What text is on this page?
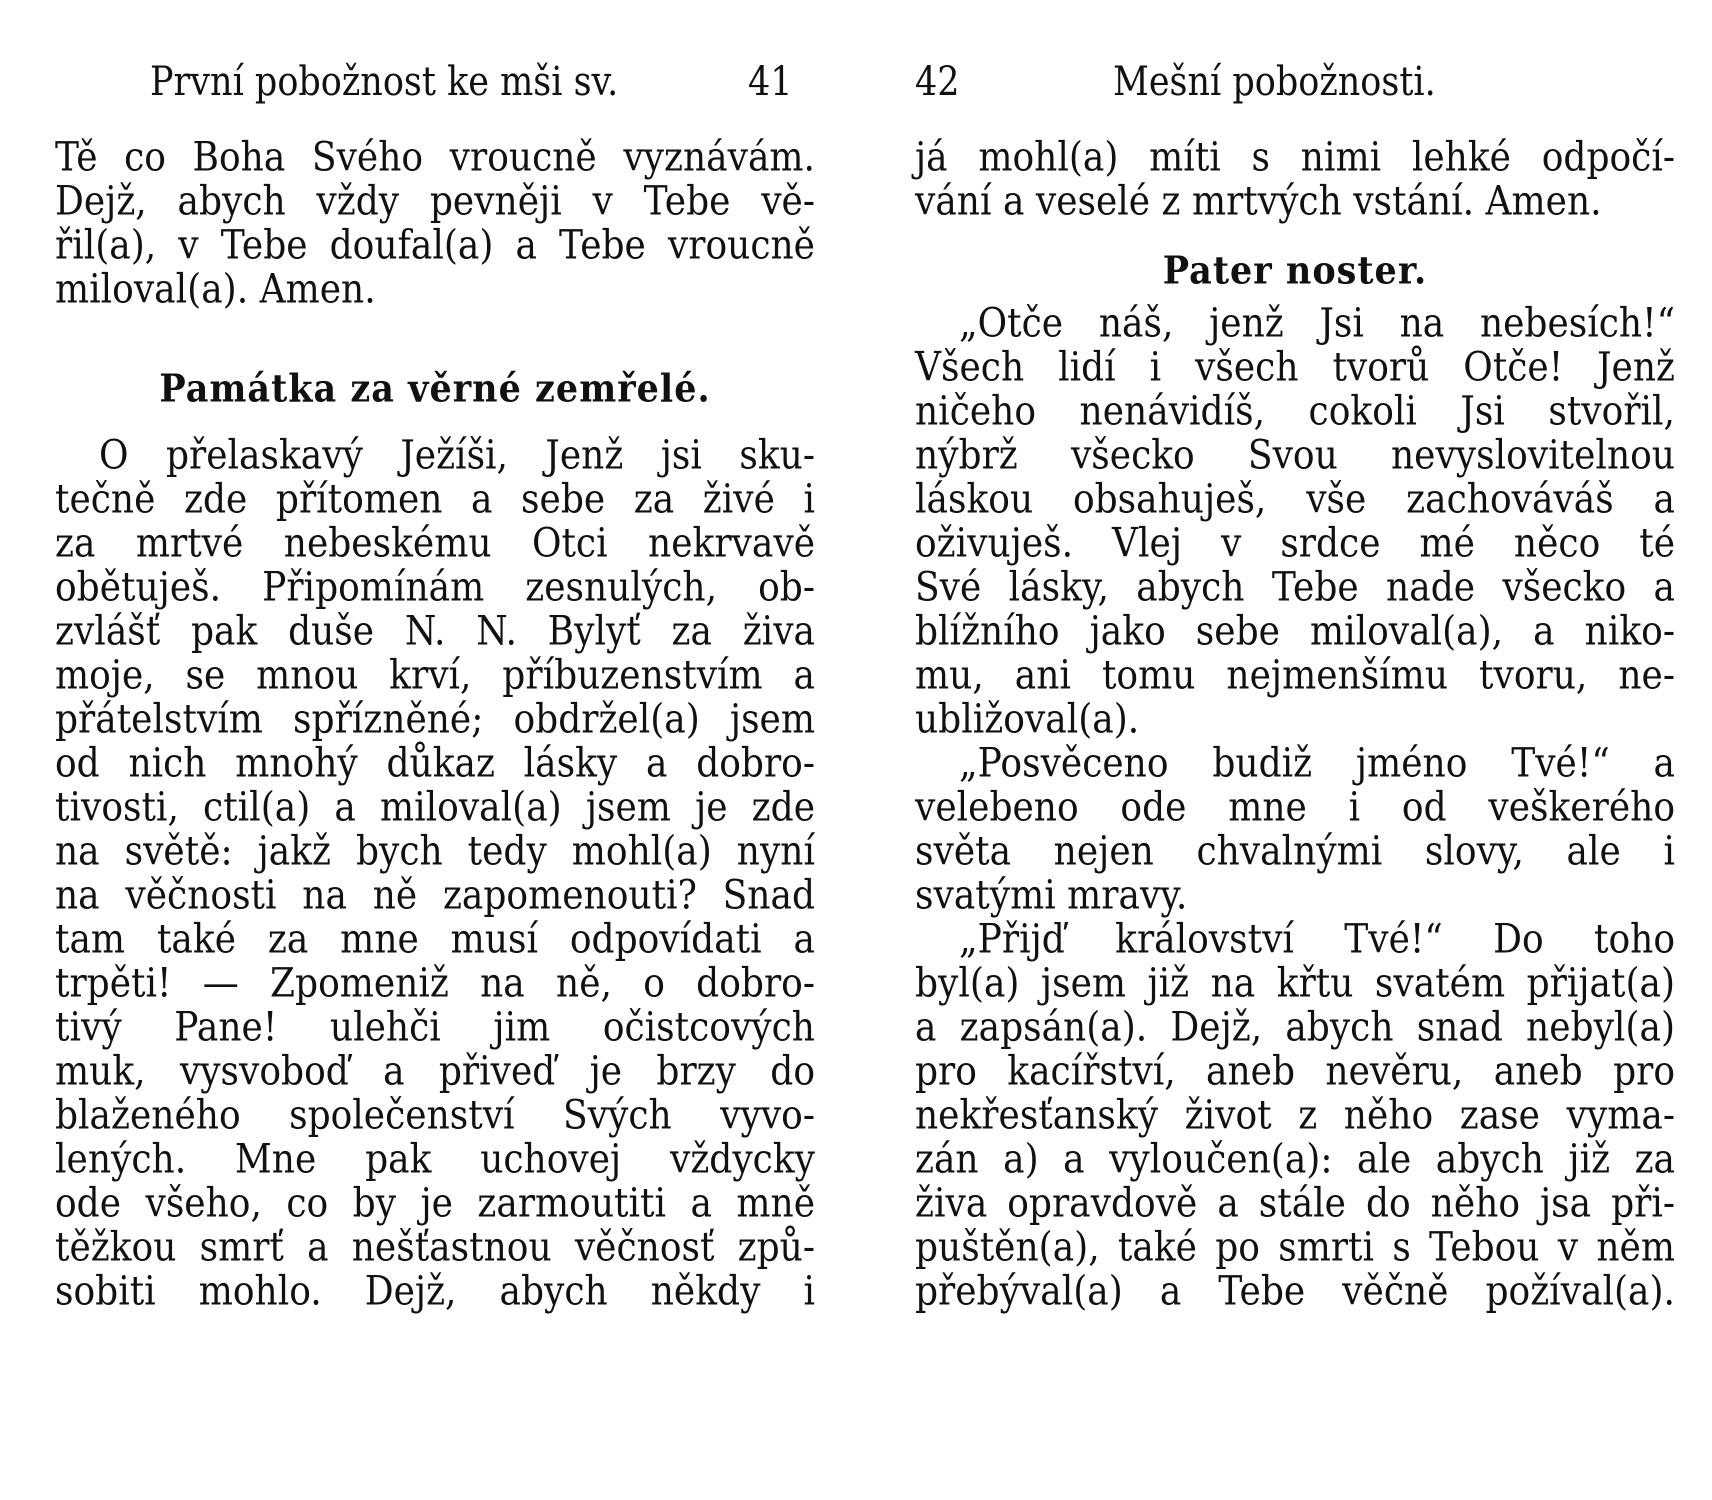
První pobožnost ke mši sv.	41
Tě co Boha Svého vroucně vyznávám.
Dejž, abych vždy pevněji v Tebe vě-
řil(a), v Tebe doufal(a) a Tebe vroucně
miloval(a). Amen.
Památka za věrné zemřelé.
O přelaskavý Ježíši, Jenž jsi sku-
tečně zde přítomen a sebe za živé i
za mrtvé nebeskému Otci nekrvavě
obětuješ. Připomínám zesnulých, ob-
zvlášť pak duše N. N. Bylyť za živa
moje, se mnou krví, příbuzenstvím a
přátelstvím spřízněné; obdržel(a) jsem
od nich mnohý důkaz lásky a dobro-
tivosti, ctil(a) a miloval(a) jsem je zde
na světě: jakž bych tedy mohl(a) nyní
na věčnosti na ně zapomenouti? Snad
tam také za mne musí odpovídati a
trpěti! — Zpomeniž na ně, o dobro-
tivý Pane! ulehči jim očistcových
muk, vysvoboď a přiveď je brzy do
blaženého společenství Svých vyvo-
lených. Mne pak uchovej vždycky
ode všeho, co by je zarmoutiti a mně
těžkou smrť a nešťastnou věčnosť způ-
sobiti mohlo. Dejž, abych někdy i
42	Mešní pobožnosti.
já mohl(a) míti s nimi lehké odpočí-
vání a veselé z mrtvých vstání. Amen.
Pater noster.
„Otče náš, jenž Jsi na nebesích!“
Všech lidí i všech tvorů Otče! Jenž
ničeho nenávidíš, cokoli Jsi stvořil,
nýbrž všecko Svou nevyslovitelnou
láskou obsahuješ, vše zachováváš a
oživuješ. Vlej v srdce mé něco té
Své lásky, abych Tebe nade všecko a
blížního jako sebe miloval(a), a niko-
mu, ani tomu nejmenšímu tvoru, ne-
ubližoval(a).
„Posvěceno budiž jméno Tvé!“ a
velebeno ode mne i od veškerého
světa nejen chvalnými slovy, ale i
svatými mravy.
„Přijď království Tvé!“ Do toho
byl(a) jsem již na křtu svatém přijat(a)
a zapsán(a). Dejž, abych snad nebyl(a)
pro kacířství, aneb nevěru, aneb pro
nekřesťanský život z něho zase vyma-
zán a) a vyloučen(a): ale abych již za
živa opravdově a stále do něho jsa při-
puštěn(a), také po smrti s Tebou v něm
přebýval(a) a Tebe věčně požíval(a).
